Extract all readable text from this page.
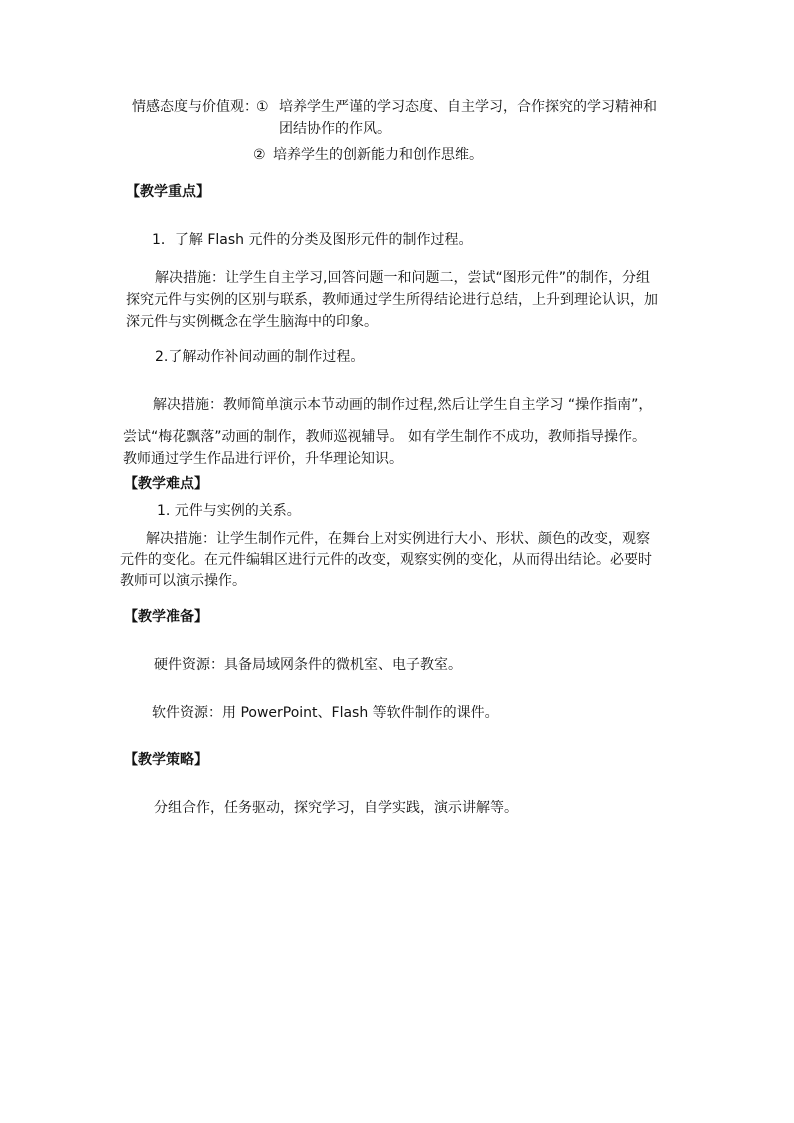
情感态度与价值观：
① 培养学生严谨的学习态度、自主学习，合作探究的学习精神和
团结协作的作风。
② 培养学生的创新能力和创作思维。
【教学重点】
1．了解 Flash 元件的分类及图形元件的制作过程。
解决措施：让学生自主学习,回答问题一和问题二，尝试“图形元件”的制作，分组
探究元件与实例的区别与联系，教师通过学生所得结论进行总结，上升到理论认识，加
深元件与实例概念在学生脑海中的印象。
2.了解动作补间动画的制作过程。
解决措施：教师简单演示本节动画的制作过程,然后让学生自主学习 “操作指南”，
尝试“梅花飘落”动画的制作，教师巡视辅导。 如有学生制作不成功，教师指导操作。
教师通过学生作品进行评价，升华理论知识。
【教学难点】
1. 元件与实例的关系。
解决措施：让学生制作元件，在舞台上对实例进行大小、形状、颜色的改变，观察
元件的变化。在元件编辑区进行元件的改变，观察实例的变化，从而得出结论。必要时
教师可以演示操作。
【教学准备】
硬件资源：具备局域网条件的微机室、电子教室。
软件资源：用 PowerPoint、Flash 等软件制作的课件。
【教学策略】
分组合作，任务驱动，探究学习，自学实践，演示讲解等。
